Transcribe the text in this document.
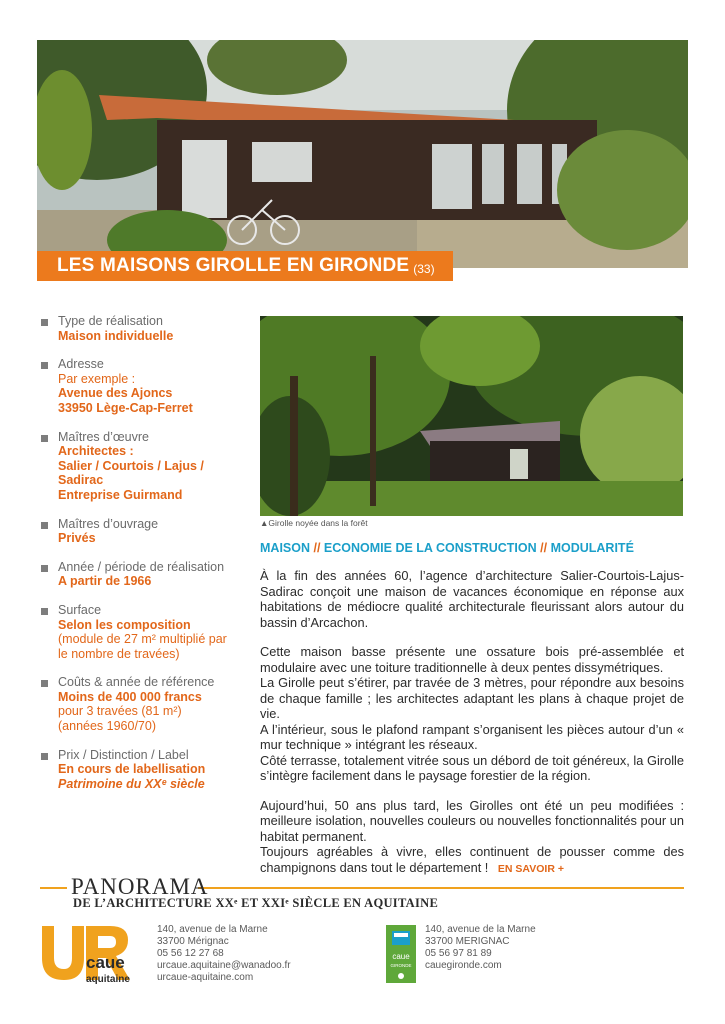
LES MAISONS GIROLLE EN GIRONDE (33)
Type de réalisation
Maison individuelle
Adresse
Par exemple :
Avenue des Ajoncs
33950 Lège-Cap-Ferret
Maîtres d’œuvre
Architectes :
Salier / Courtois / Lajus /
Sadirac
Entreprise Guirmand
Maîtres d’ouvrage
Privés
Année / période de réalisation
A partir de 1966
Surface
Selon les composition
(module de 27 m² multiplié par
le nombre de travées)
Coûts & année de référence
Moins de 400 000 francs
pour 3 travées (81 m²)
(années 1960/70)
Prix / Distinction / Label
En cours de labellisation
Patrimoine du XXᵉ siècle
▲Girolle noyée dans la forêt
MAISON // ECONOMIE DE LA CONSTRUCTION // MODULARITÉ

À la fin des années 60, l’agence d’architecture Salier-Courtois-Lajus-Sadirac conçoit une maison de vacances économique en réponse aux habitations de médiocre qualité architecturale fleurissant alors autour du bassin d’Arcachon.

Cette maison basse présente une ossature bois pré-assemblée et modulaire avec une toiture traditionnelle à deux pentes dissymétriques.
La Girolle peut s’étirer, par travée de 3 mètres, pour répondre aux besoins de chaque famille ; les architectes adaptant les plans à chaque projet de vie.
A l’intérieur, sous le plafond rampant s’organisent les pièces autour d’un « mur technique » intégrant les réseaux.
Côté terrasse, totalement vitrée sous un débord de toit généreux, la Girolle s’intègre facilement dans le paysage forestier de la région.

Aujourd’hui, 50 ans plus tard, les Girolles ont été un peu modifiées : meilleure isolation, nouvelles couleurs ou nouvelles fonctionnalités pour un habitat permanent.
Toujours agréables à vivre, elles continuent de pousser comme des champignons dans tout le département ! EN SAVOIR +

PANORAMA
DE L’ARCHITECTURE XXᵉ ET XXIᵉ SIÈCLE EN AQUITAINE
caue
aquitaine
140, avenue de la Marne
33700 Mérignac
05 56 12 27 68
urcaue.aquitaine@wanadoo.fr
urcaue-aquitaine.com
caue
GIRONDE
140, avenue de la Marne
33700 MERIGNAC
05 56 97 81 89
cauegironde.com
